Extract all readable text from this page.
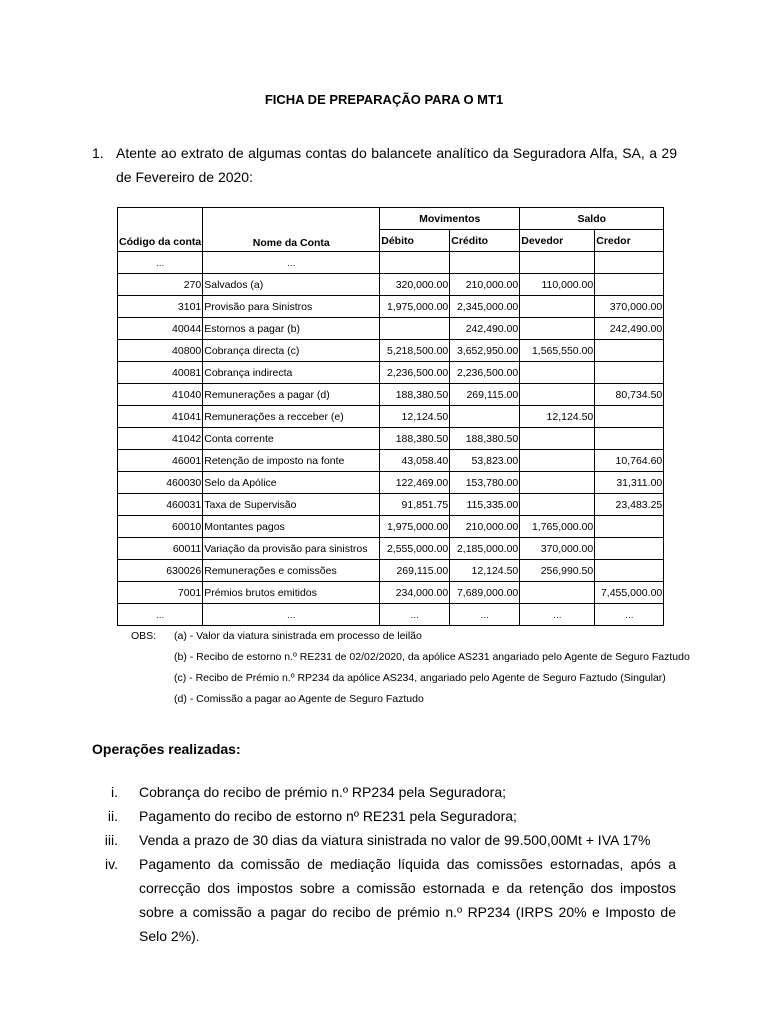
FICHA DE PREPARAÇÃO PARA O MT1
1. Atente ao extrato de algumas contas do balancete analítico da Seguradora Alfa, SA, a 29 de Fevereiro de 2020:
Código da conta	Nome da Conta	Movimentos		Saldo	
		Débito	Crédito	Devedor	Credor
…	…				
270	Salvados (a)	320,000.00	210,000.00	110,000.00	
3101	Provisão para Sinistros	1,975,000.00	2,345,000.00		370,000.00
40044	Estornos a pagar (b)		242,490.00		242,490.00
40800	Cobrança directa (c)	5,218,500.00	3,652,950.00	1,565,550.00	
40081	Cobrança indirecta	2,236,500.00	2,236,500.00		
41040	Remunerações a pagar (d)	188,380.50	269,115.00		80,734.50
41041	Remunerações a recceber (e)	12,124.50		12,124.50	
41042	Conta corrente	188,380.50	188,380.50		
46001	Retenção de imposto na fonte	43,058.40	53,823.00		10,764.60
460030	Selo da Apólice	122,469.00	153,780.00		31,311.00
460031	Taxa de Supervisão	91,851.75	115,335.00		23,483.25
60010	Montantes pagos	1,975,000.00	210,000.00	1,765,000.00	
60011	Variação da provisão para sinistros	2,555,000.00	2,185,000.00	370,000.00	
630026	Remunerações e comissões	269,115.00	12,124.50	256,990.50	
7001	Prémios brutos emitidos	234,000.00	7,689,000.00		7,455,000.00
…	…	…	…	…	…
OBS: (a) - Valor da viatura sinistrada em processo de leilão
(b) - Recibo de estorno n.º RE231 de 02/02/2020, da apólice AS231 angariado pelo Agente de Seguro Faztudo
(c) - Recibo de Prémio n.º RP234 da apólice AS234, angariado pelo Agente de Seguro Faztudo (Singular)
(d) - Comissão a pagar ao Agente de Seguro Faztudo
Operações realizadas:
i. Cobrança do recibo de prémio n.º RP234 pela Seguradora;
ii. Pagamento do recibo de estorno nº RE231 pela Seguradora;
iii. Venda a prazo de 30 dias da viatura sinistrada no valor de 99.500,00Mt + IVA 17%
iv. Pagamento da comissão de mediação líquida das comissões estornadas, após a correcção dos impostos sobre a comissão estornada e da retenção dos impostos sobre a comissão a pagar do recibo de prémio n.º RP234 (IRPS 20% e Imposto de Selo 2%).
